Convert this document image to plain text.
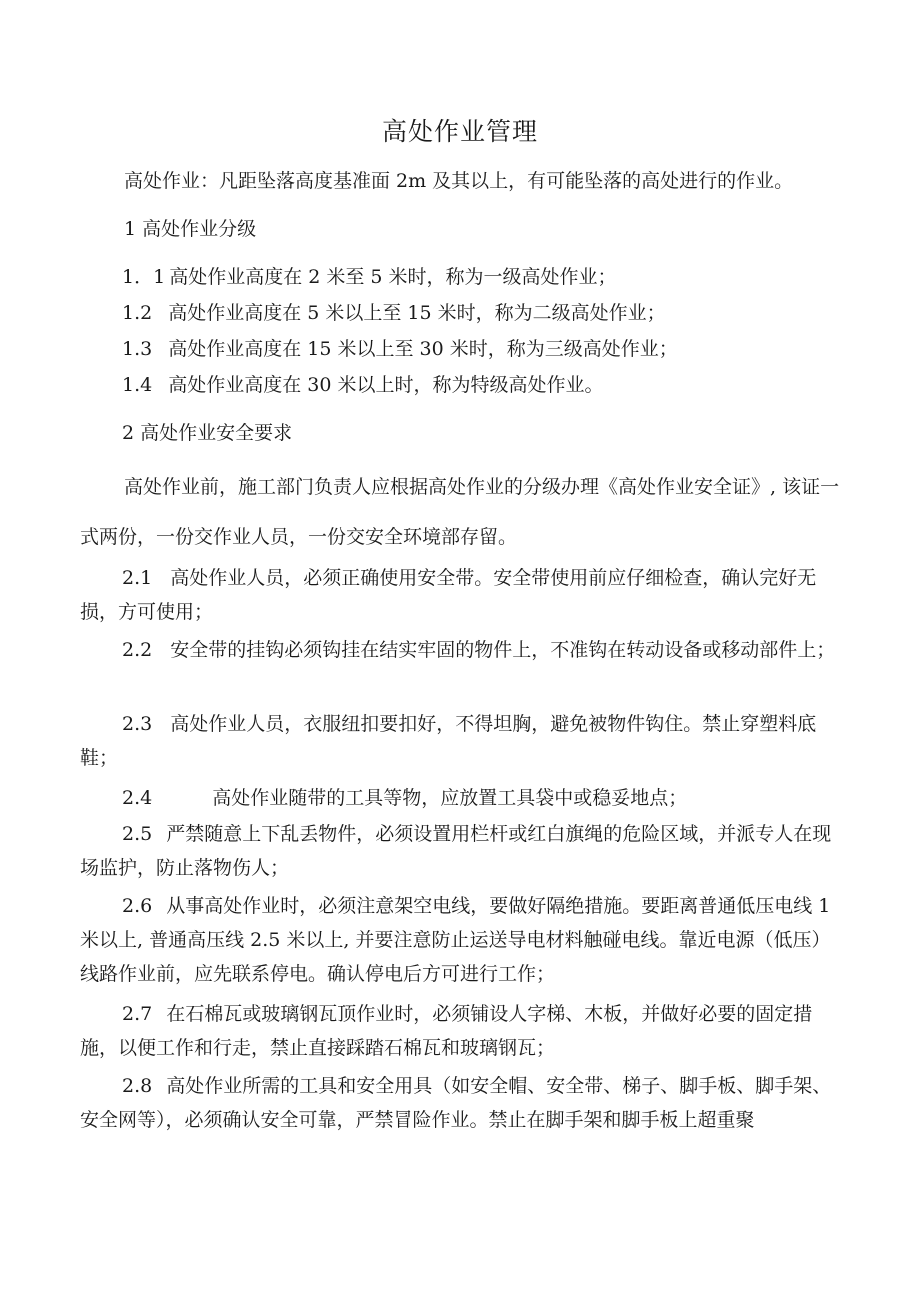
高处作业管理
高处作业：凡距坠落高度基准面 2m 及其以上，有可能坠落的高处进行的作业。
1 高处作业分级
1．1 高处作业高度在 2 米至 5 米时，称为一级高处作业；
1.2 高处作业高度在 5 米以上至 15 米时，称为二级高处作业；
1.3 高处作业高度在 15 米以上至 30 米时，称为三级高处作业；
1.4 高处作业高度在 30 米以上时，称为特级高处作业。
2 高处作业安全要求
高处作业前，施工部门负责人应根据高处作业的分级办理《高处作业安全证》, 该证一式两份，一份交作业人员，一份交安全环境部存留。
2.1 高处作业人员，必须正确使用安全带。安全带使用前应仔细检查，确认完好无损，方可使用；
2.2 安全带的挂钩必须钩挂在结实牢固的物件上，不准钩在转动设备或移动部件上；
2.3 高处作业人员，衣服纽扣要扣好，不得坦胸，避免被物件钩住。禁止穿塑料底鞋；
2.4	高处作业随带的工具等物，应放置工具袋中或稳妥地点；
2.5 严禁随意上下乱丢物件，必须设置用栏杆或红白旗绳的危险区域，并派专人在现场监护，防止落物伤人；
2.6 从事高处作业时，必须注意架空电线，要做好隔绝措施。要距离普通低压电线 1 米以上, 普通高压线 2.5 米以上, 并要注意防止运送导电材料触碰电线。靠近电源（低压）线路作业前，应先联系停电。确认停电后方可进行工作；
2.7 在石棉瓦或玻璃钢瓦顶作业时，必须铺设人字梯、木板，并做好必要的固定措施，以便工作和行走，禁止直接踩踏石棉瓦和玻璃钢瓦；
2.8 高处作业所需的工具和安全用具（如安全帽、安全带、梯子、脚手板、脚手架、安全网等），必须确认安全可靠，严禁冒险作业。禁止在脚手架和脚手板上超重聚
